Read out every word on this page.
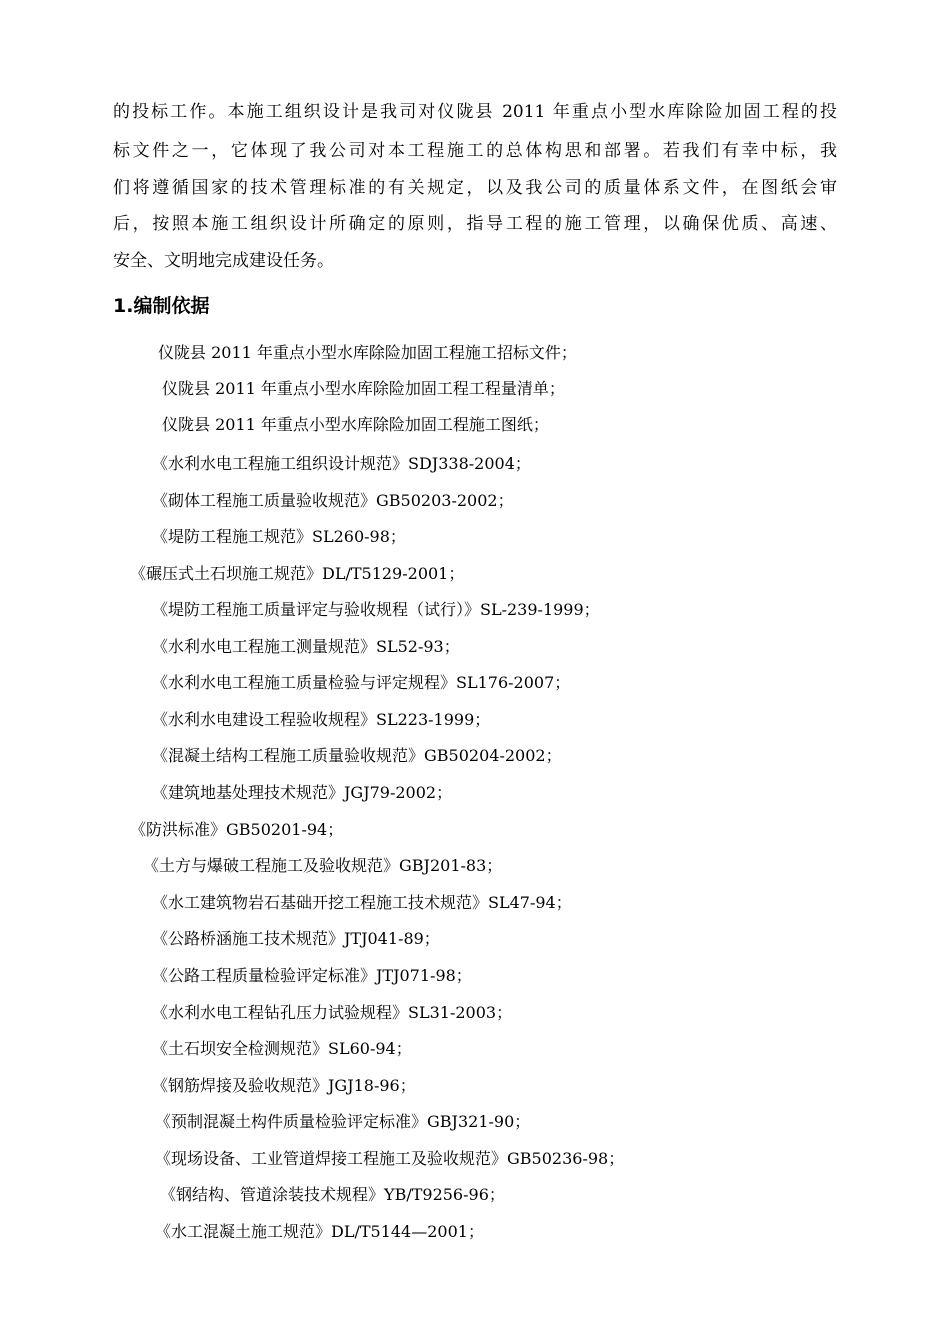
的投标工作。本施工组织设计是我司对仪陇县 2011 年重点小型水库除险加固工程的投
标文件之一，它体现了我公司对本工程施工的总体构思和部署。若我们有幸中标，我
们将遵循国家的技术管理标准的有关规定，以及我公司的质量体系文件，在图纸会审
后，按照本施工组织设计所确定的原则，指导工程的施工管理，以确保优质、高速、
安全、文明地完成建设任务。
1.编制依据
仪陇县 2011 年重点小型水库除险加固工程施工招标文件；
仪陇县 2011 年重点小型水库除险加固工程工程量清单；
仪陇县 2011 年重点小型水库除险加固工程施工图纸；
《水利水电工程施工组织设计规范》SDJ338-2004；
《砌体工程施工质量验收规范》GB50203-2002；
《堤防工程施工规范》SL260-98；
《碾压式土石坝施工规范》DL/T5129-2001；
《堤防工程施工质量评定与验收规程（试行）》SL-239-1999；
《水利水电工程施工测量规范》SL52-93；
《水利水电工程施工质量检验与评定规程》SL176-2007；
《水利水电建设工程验收规程》SL223-1999；
《混凝土结构工程施工质量验收规范》GB50204-2002；
《建筑地基处理技术规范》JGJ79-2002；
《防洪标准》GB50201-94；
《土方与爆破工程施工及验收规范》GBJ201-83；
《水工建筑物岩石基础开挖工程施工技术规范》SL47-94；
《公路桥涵施工技术规范》JTJ041-89；
《公路工程质量检验评定标准》JTJ071-98；
《水利水电工程钻孔压力试验规程》SL31-2003；
《土石坝安全检测规范》SL60-94；
《钢筋焊接及验收规范》JGJ18-96；
《预制混凝土构件质量检验评定标准》GBJ321-90；
《现场设备、工业管道焊接工程施工及验收规范》GB50236-98；
《钢结构、管道涂装技术规程》YB/T9256-96；
《水工混凝土施工规范》DL/T5144—2001；
